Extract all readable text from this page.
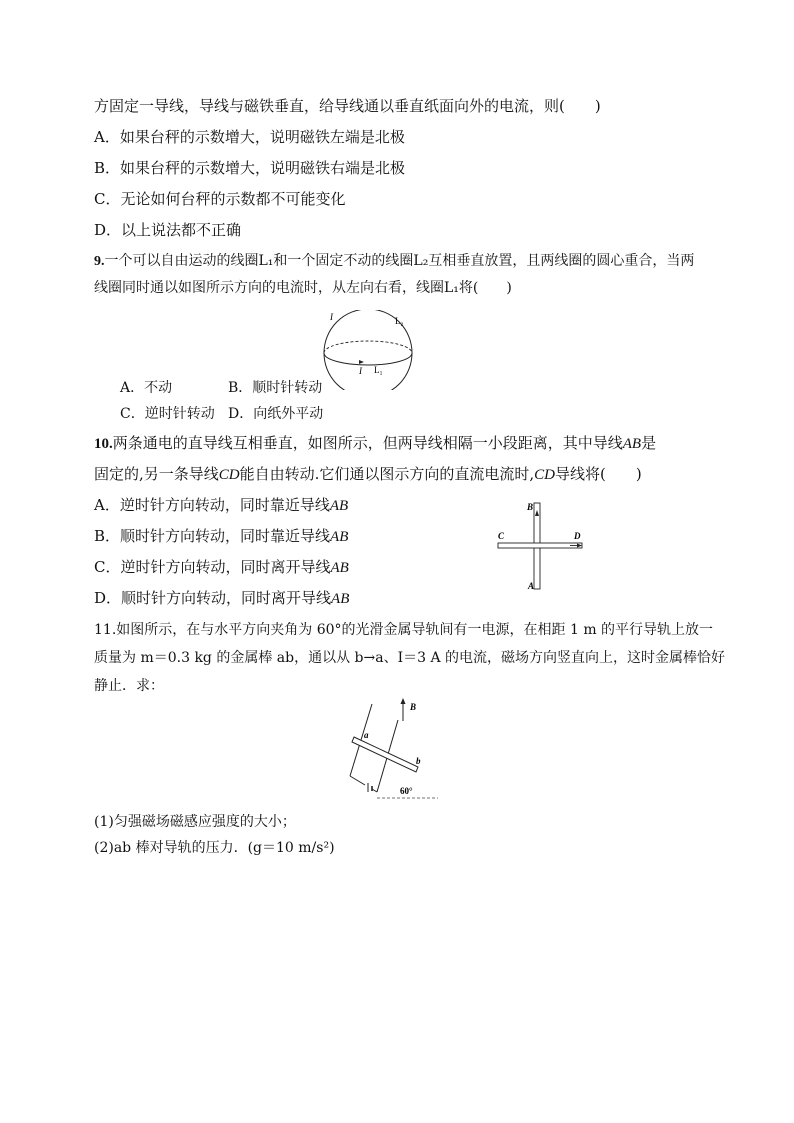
方固定一导线，导线与磁铁垂直，给导线通以垂直纸面向外的电流，则(　　)
A．如果台秤的示数增大，说明磁铁左端是北极
B．如果台秤的示数增大，说明磁铁右端是北极
C．无论如何台秤的示数都不可能变化
D．以上说法都不正确
9.一个可以自由运动的线圈L₁和一个固定不动的线圈L₂互相垂直放置，且两线圈的圆心重合，当两
线圈同时通以如图所示方向的电流时，从左向右看，线圈L₁将(　　)
I	L₂
I L₁
A．不动	B．顺时针转动
C．逆时针转动 D．向纸外平动
10.两条通电的直导线互相垂直，如图所示，但两导线相隔一小段距离，其中导线AB是
固定的,另一条导线CD能自由转动.它们通以图示方向的直流电流时,CD导线将(　　)
A．逆时针方向转动，同时靠近导线AB
B．顺时针方向转动，同时靠近导线AB
C．逆时针方向转动，同时离开导线AB
D．顺时针方向转动，同时离开导线AB
B
A
C	D
11.如图所示，在与水平方向夹角为 60°的光滑金属导轨间有一电源，在相距 1 m 的平行导轨上放一
质量为 m＝0.3 kg 的金属棒 ab，通以从 b→a、I＝3 A 的电流，磁场方向竖直向上，这时金属棒恰好
静止．求：
B
a
b
60°
(1)匀强磁场磁感应强度的大小；
(2)ab 棒对导轨的压力．(g＝10 m/s²)
